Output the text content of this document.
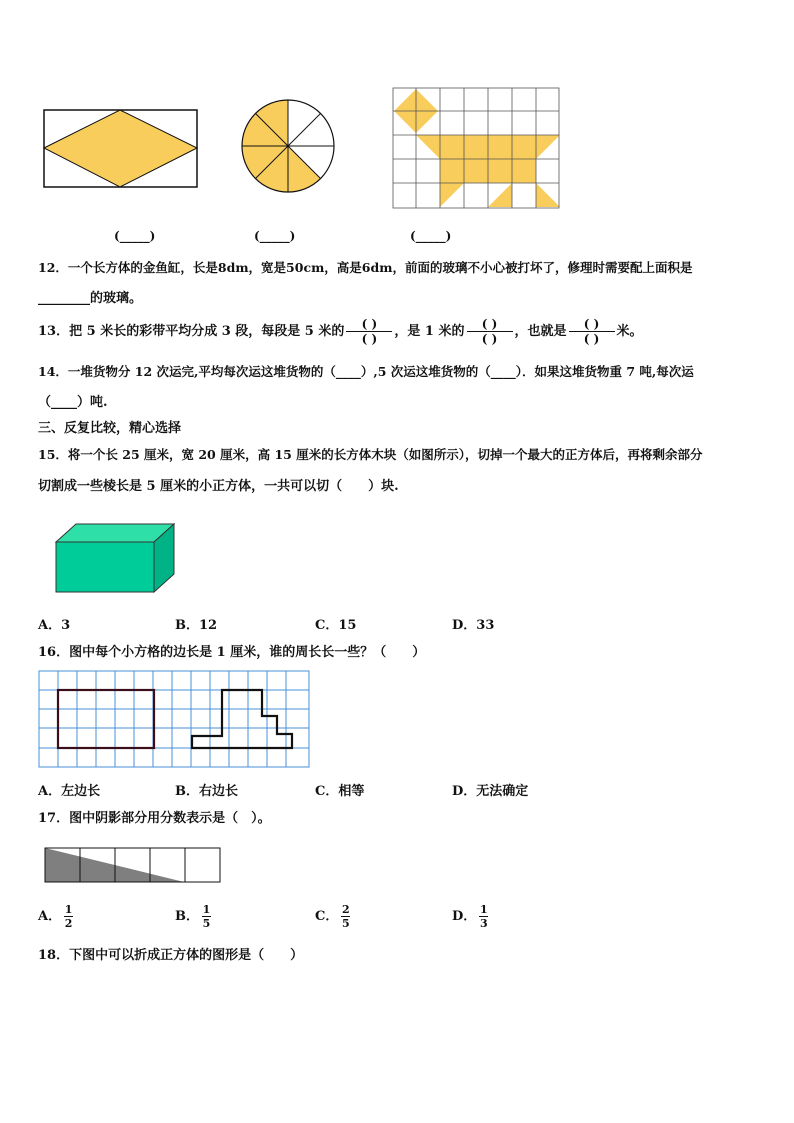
(_____)	(_____)	(_____)
12．一个长方体的金鱼缸，长是8dm，宽是50cm，高是6dm，前面的玻璃不小心被打坏了，修理时需要配上面积是
________的玻璃。
13．把 5 米长的彩带平均分成 3 段，每段是 5 米的 $\frac{( )}{( )}$ ，是 1 米的 $\frac{( )}{( )}$ ，也就是 $\frac{( )}{( )}$ 米。
14．一堆货物分 12 次运完,平均每次运这堆货物的（____）,5 次运这堆货物的（____）．如果这堆货物重 7 吨,每次运
（____）吨.
三、反复比较，精心选择
15．将一个长 25 厘米，宽 20 厘米，高 15 厘米的长方体木块（如图所示），切掉一个最大的正方体后，再将剩余部分
切割成一些棱长是 5 厘米的小正方体，一共可以切（　　）块.
A．3	B．12	C．15	D．33
16．图中每个小方格的边长是 1 厘米，谁的周长长一些？（　　）
A．左边长	B．右边长	C．相等	D．无法确定
17．图中阴影部分用分数表示是（　）。
A． $\frac{1}{2}$	B． $\frac{1}{5}$	C． $\frac{2}{5}$	D． $\frac{1}{3}$
18．下图中可以折成正方体的图形是（　　）
